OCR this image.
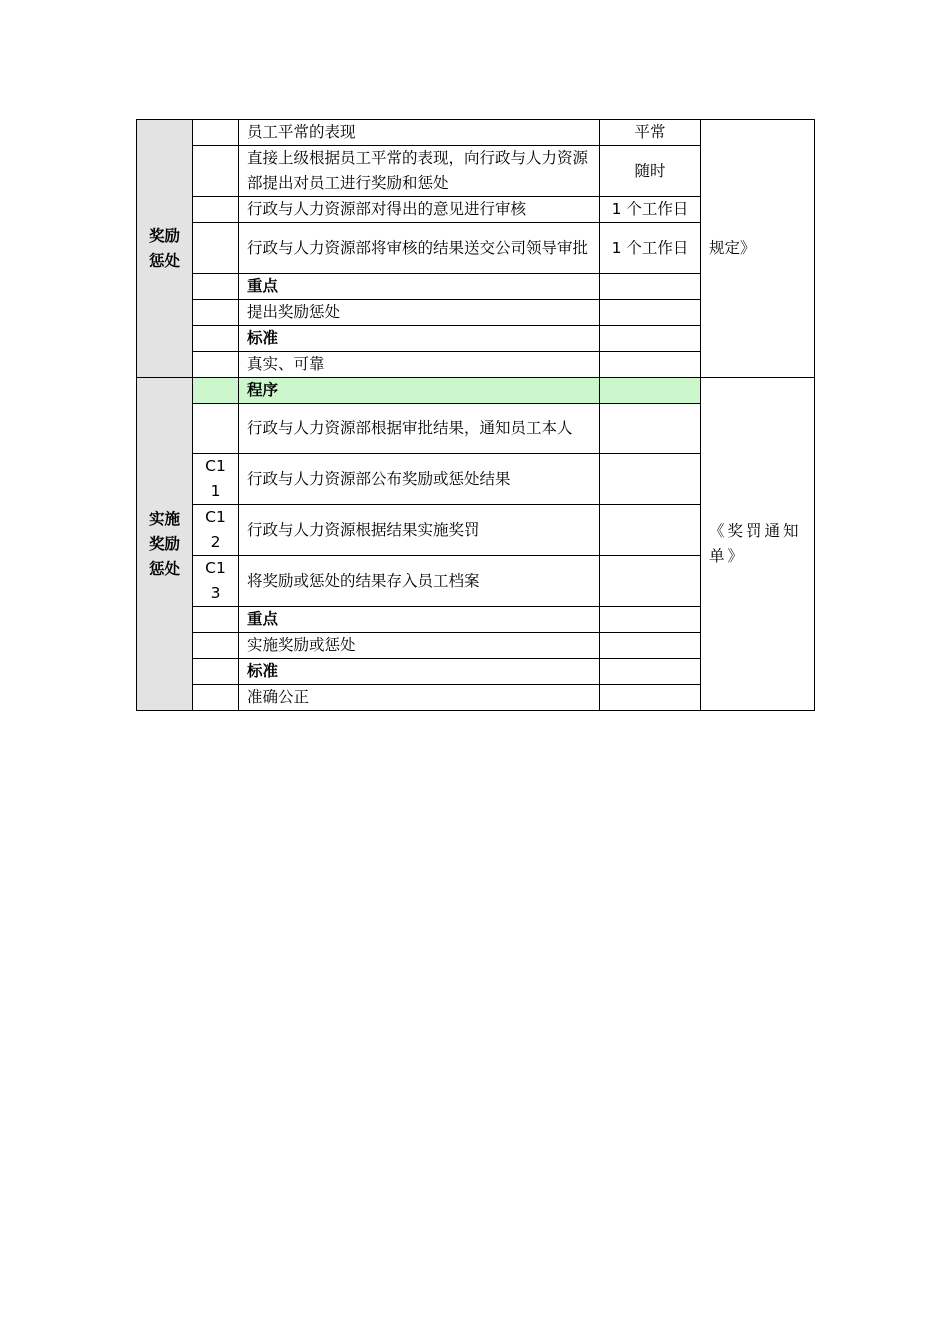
奖励惩处		员工平常的表现	平常	规定》
		直接上级根据员工平常的表现，向行政与人力资源部提出对员工进行奖励和惩处	随时	
		行政与人力资源部对得出的意见进行审核	1 个工作日	
		行政与人力资源部将审核的结果送交公司领导审批	1 个工作日	
		重点		
		提出奖励惩处		
		标准		
		真实、可靠		
实施奖励惩处		程序		《奖罚通知单》
		行政与人力资源部根据审批结果，通知员工本人		
	C11	行政与人力资源部公布奖励或惩处结果		
	C12	行政与人力资源根据结果实施奖罚		
	C13	将奖励或惩处的结果存入员工档案		
		重点		
		实施奖励或惩处		
		标准		
		准确公正		
